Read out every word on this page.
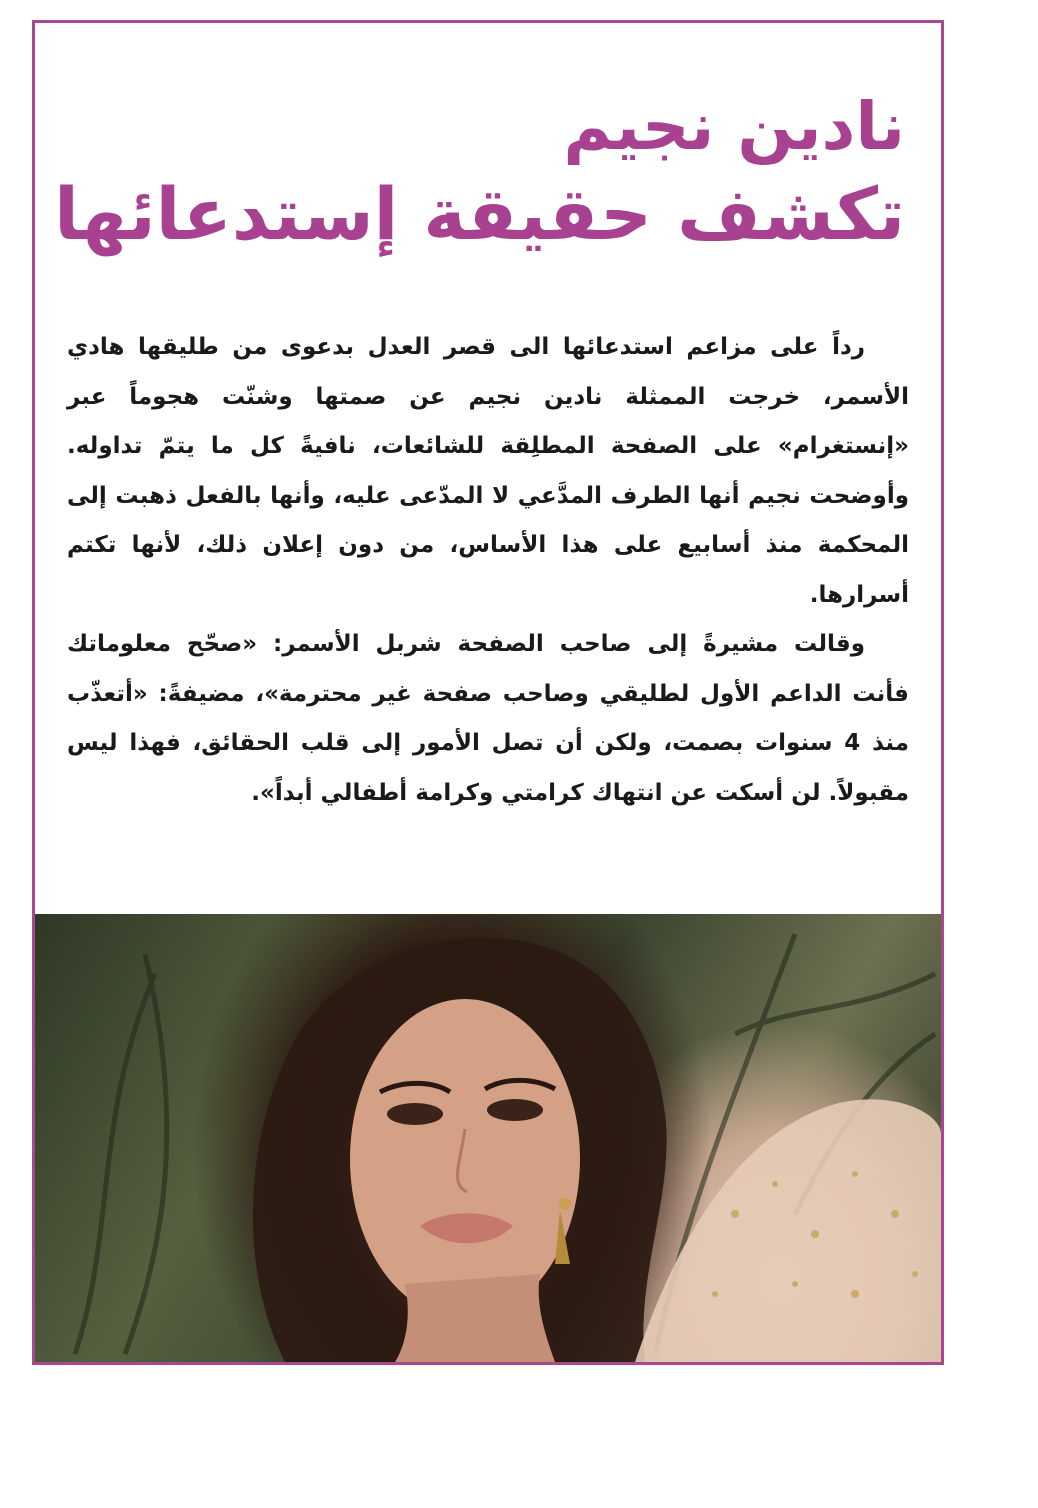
نادين نجيم
تكشف حقيقة إستدعائها

رداً على مزاعم استدعائها الى قصر العدل بدعوى من طليقها هادي الأسمر، خرجت الممثلة نادين نجيم عن صمتها وشنّت هجوماً عبر «إنستغرام» على الصفحة المطلِقة للشائعات، نافيةً كل ما يتمّ تداوله. وأوضحت نجيم أنها الطرف المدَّعي لا المدّعى عليه، وأنها بالفعل ذهبت إلى المحكمة منذ أسابيع على هذا الأساس، من دون إعلان ذلك، لأنها تكتم أسرارها.

وقالت مشيرةً إلى صاحب الصفحة شربل الأسمر: «صحّح معلوماتك فأنت الداعم الأول لطليقي وصاحب صفحة غير محترمة»، مضيفةً: «أتعذّب منذ 4 سنوات بصمت، ولكن أن تصل الأمور إلى قلب الحقائق، فهذا ليس مقبولاً. لن أسكت عن انتهاك كرامتي وكرامة أطفالي أبداً».
